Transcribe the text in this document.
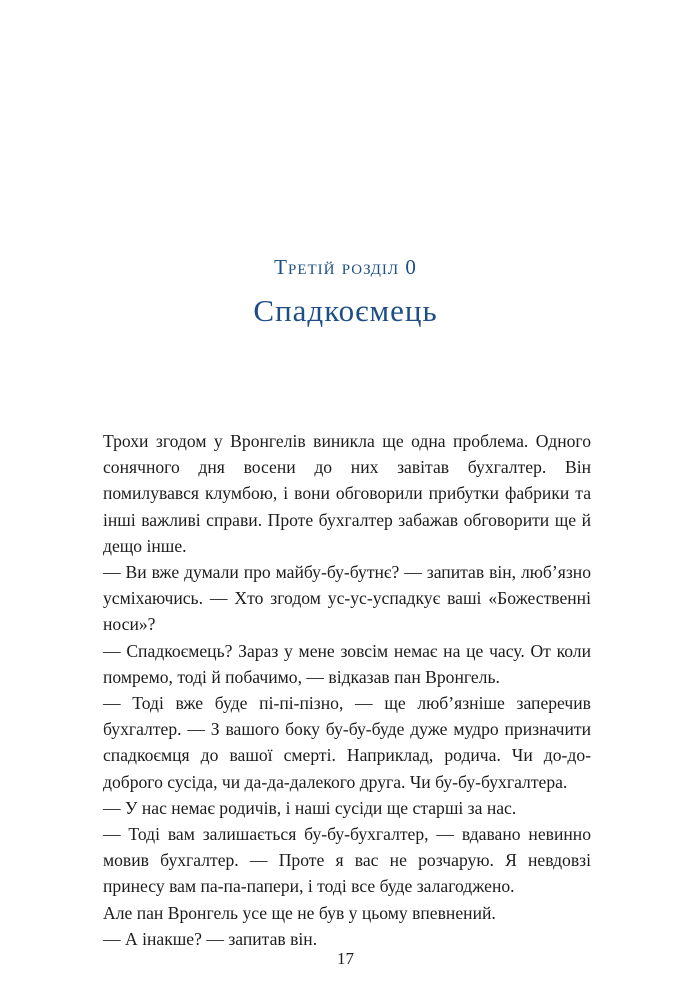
Третій розділ 0
Спадкоємець

Трохи згодом у Вронгелів виникла ще одна проблема. Одного сонячного дня восени до них завітав бухгалтер. Він помилувався клумбою, і вони обговорили прибутки фабрики та інші важливі справи. Проте бухгалтер забажав обговорити ще й дещо інше.

— Ви вже думали про майбу-бу-бутнє? — запитав він, люб’язно усміхаючись. — Хто згодом ус-ус-успадкує ваші «Божественні носи»?

— Спадкоємець? Зараз у мене зовсім немає на це часу. От коли помремо, тоді й побачимо, — відказав пан Вронгель.

— Тоді вже буде пі-пі-пізно, — ще люб’язніше заперечив бухгалтер. — З вашого боку бу-бу-буде дуже мудро призначити спадкоємця до вашої смерті. Наприклад, родича. Чи до-до-доброго сусіда, чи да-да-далекого друга. Чи бу-бу-бухгалтера.

— У нас немає родичів, і наші сусіди ще старші за нас.

— Тоді вам залишається бу-бу-бухгалтер, — вдавано невинно мовив бухгалтер. — Проте я вас не розчарую. Я невдовзі принесу вам па-па-папери, і тоді все буде залагоджено.

Але пан Вронгель усе ще не був у цьому впевнений.

— А інакше? — запитав він.

17
